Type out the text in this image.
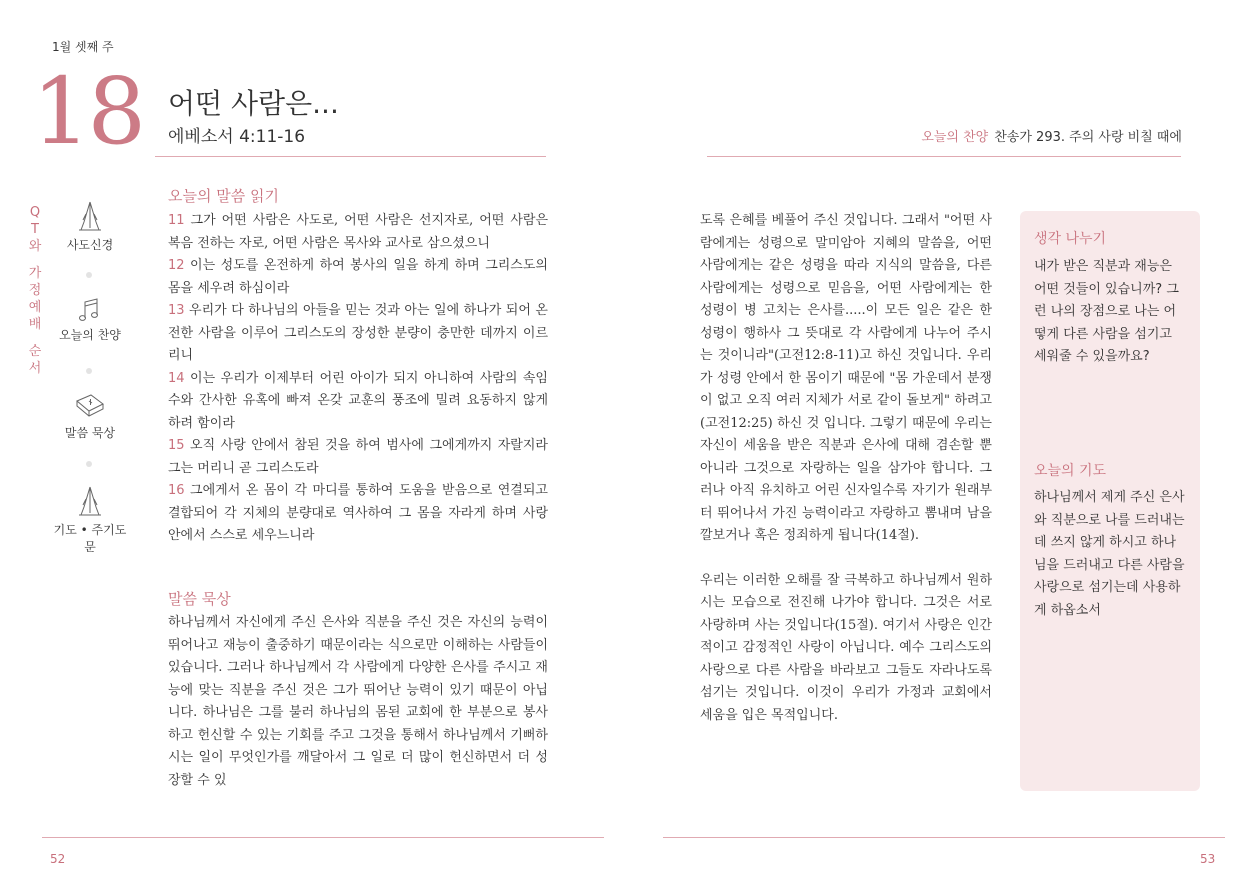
1월 셋째 주
18 어떤 사람은...
에베소서 4:11-16
Q
T
와
가
정
예
배
순
서
사도신경
오늘의 찬양
말씀 묵상
기도 • 주기도문
오늘의 말씀 읽기

11 그가 어떤 사람은 사도로, 어떤 사람은 선지자로, 어떤 사람은 복음 전하는 자로, 어떤 사람은 목사와 교사로 삼으셨으니

12 이는 성도를 온전하게 하여 봉사의 일을 하게 하며 그리스도의 몸을 세우려 하심이라

13 우리가 다 하나님의 아들을 믿는 것과 아는 일에 하나가 되어 온전한 사람을 이루어 그리스도의 장성한 분량이 충만한 데까지 이르리니

14 이는 우리가 이제부터 어린 아이가 되지 아니하여 사람의 속임수와 간사한 유혹에 빠져 온갖 교훈의 풍조에 밀려 요동하지 않게 하려 함이라

15 오직 사랑 안에서 참된 것을 하여 범사에 그에게까지 자랄지라 그는 머리니 곧 그리스도라

16 그에게서 온 몸이 각 마디를 통하여 도움을 받음으로 연결되고 결합되어 각 지체의 분량대로 역사하여 그 몸을 자라게 하며 사랑 안에서 스스로 세우느니라

말씀 묵상

하나님께서 자신에게 주신 은사와 직분을 주신 것은 자신의 능력이 뛰어나고 재능이 출중하기 때문이라는 식으로만 이해하는 사람들이 있습니다. 그러나 하나님께서 각 사람에게 다양한 은사를 주시고 재능에 맞는 직분을 주신 것은 그가 뛰어난 능력이 있기 때문이 아닙니다. 하나님은 그를 불러 하나님의 몸된 교회에 한 부분으로 봉사하고 헌신할 수 있는 기회를 주고 그것을 통해서 하나님께서 기뻐하시는 일이 무엇인가를 깨달아서 그 일로 더 많이 헌신하면서 더 성장할 수 있

52
오늘의 찬양 찬송가 293. 주의 사랑 비칠 때에

도록 은혜를 베풀어 주신 것입니다. 그래서 "어떤 사람에게는 성령으로 말미암아 지혜의 말씀을, 어떤 사람에게는 같은 성령을 따라 지식의 말씀을, 다른 사람에게는 성령으로 믿음을, 어떤 사람에게는 한 성령이 병 고치는 은사를.....이 모든 일은 같은 한 성령이 행하사 그 뜻대로 각 사람에게 나누어 주시는 것이니라"(고전12:8-11)고 하신 것입니다. 우리가 성령 안에서 한 몸이기 때문에 "몸 가운데서 분쟁이 없고 오직 여러 지체가 서로 같이 돌보게" 하려고(고전12:25) 하신 것 입니다. 그렇기 때문에 우리는 자신이 세움을 받은 직분과 은사에 대해 겸손할 뿐 아니라 그것으로 자랑하는 일을 삼가야 합니다. 그러나 아직 유치하고 어린 신자일수록 자기가 원래부터 뛰어나서 가진 능력이라고 자랑하고 뽐내며 남을 깔보거나 혹은 정죄하게 됩니다(14절).

우리는 이러한 오해를 잘 극복하고 하나님께서 원하시는 모습으로 전진해 나가야 합니다. 그것은 서로 사랑하며 사는 것입니다(15절). 여기서 사랑은 인간적이고 감정적인 사랑이 아닙니다. 예수 그리스도의 사랑으로 다른 사람을 바라보고 그들도 자라나도록 섬기는 것입니다. 이것이 우리가 가정과 교회에서 세움을 입은 목적입니다.

생각 나누기

내가 받은 직분과 재능은 어떤 것들이 있습니까? 그런 나의 장점으로 나는 어떻게 다른 사람을 섬기고 세워줄 수 있을까요?

오늘의 기도

하나님께서 제게 주신 은사와 직분으로 나를 드러내는데 쓰지 않게 하시고 하나님을 드러내고 다른 사람을 사랑으로 섬기는데 사용하게 하옵소서

53
